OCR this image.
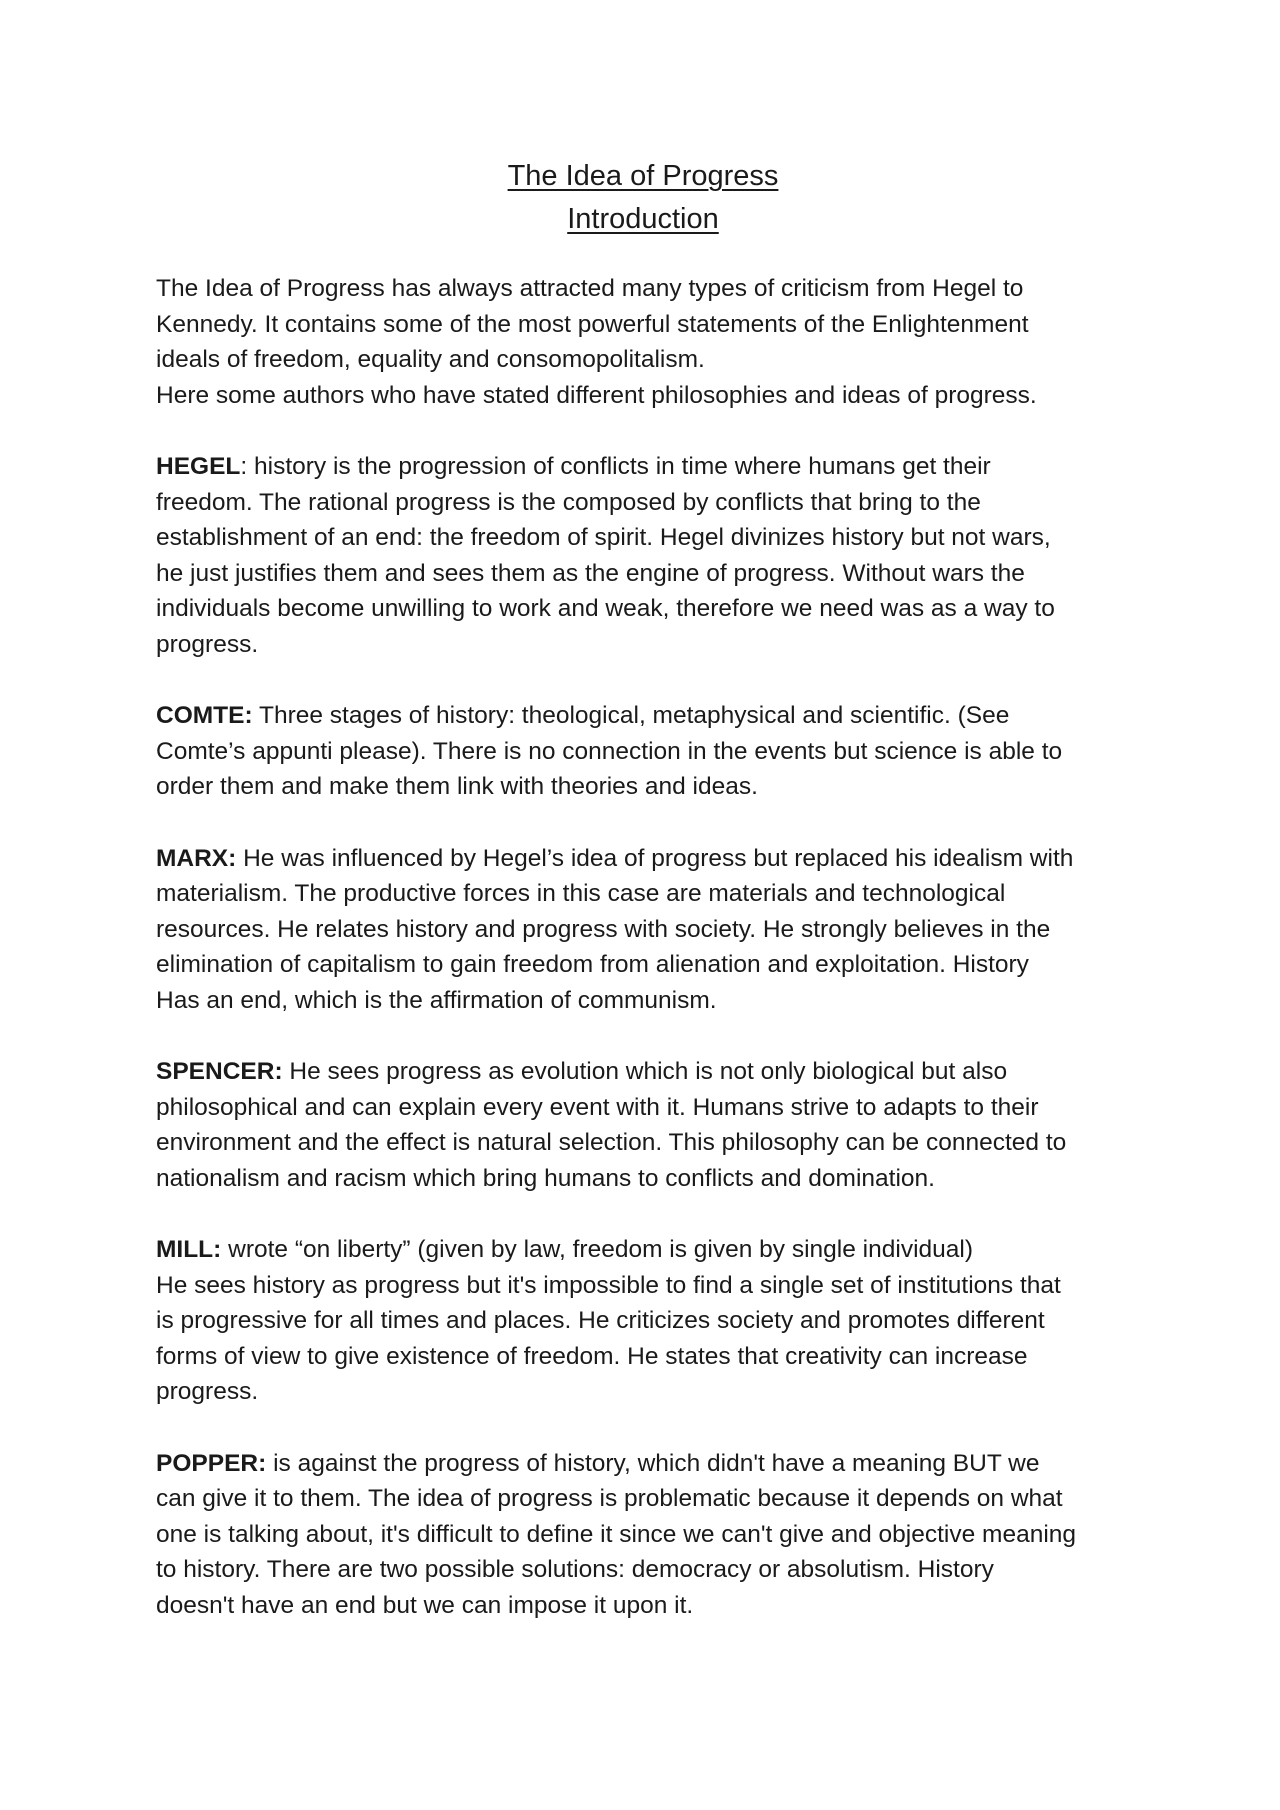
The Idea of Progress
Introduction
The Idea of Progress has always attracted many types of criticism from Hegel to
Kennedy. It contains some of the most powerful statements of the Enlightenment
ideals of freedom, equality and consomopolitalism.
Here some authors who have stated different philosophies and ideas of progress.
HEGEL: history is the progression of conflicts in time where humans get their
freedom. The rational progress is the composed by conflicts that bring to the
establishment of an end: the freedom of spirit. Hegel divinizes history but not wars,
he just justifies them and sees them as the engine of progress. Without wars the
individuals become unwilling to work and weak, therefore we need was as a way to
progress.
COMTE: Three stages of history: theological, metaphysical and scientific. (See
Comte’s appunti please). There is no connection in the events but science is able to
order them and make them link with theories and ideas.
MARX: He was influenced by Hegel’s idea of progress but replaced his idealism with
materialism. The productive forces in this case are materials and technological
resources. He relates history and progress with society. He strongly believes in the
elimination of capitalism to gain freedom from alienation and exploitation. History
Has an end, which is the affirmation of communism.
SPENCER: He sees progress as evolution which is not only biological but also
philosophical and can explain every event with it. Humans strive to adapts to their
environment and the effect is natural selection. This philosophy can be connected to
nationalism and racism which bring humans to conflicts and domination.
MILL: wrote “on liberty” (given by law, freedom is given by single individual)
He sees history as progress but it's impossible to find a single set of institutions that
is progressive for all times and places. He criticizes society and promotes different
forms of view to give existence of freedom. He states that creativity can increase
progress.
POPPER: is against the progress of history, which didn't have a meaning BUT we
can give it to them. The idea of progress is problematic because it depends on what
one is talking about, it's difficult to define it since we can't give and objective meaning
to history. There are two possible solutions: democracy or absolutism. History
doesn't have an end but we can impose it upon it.
